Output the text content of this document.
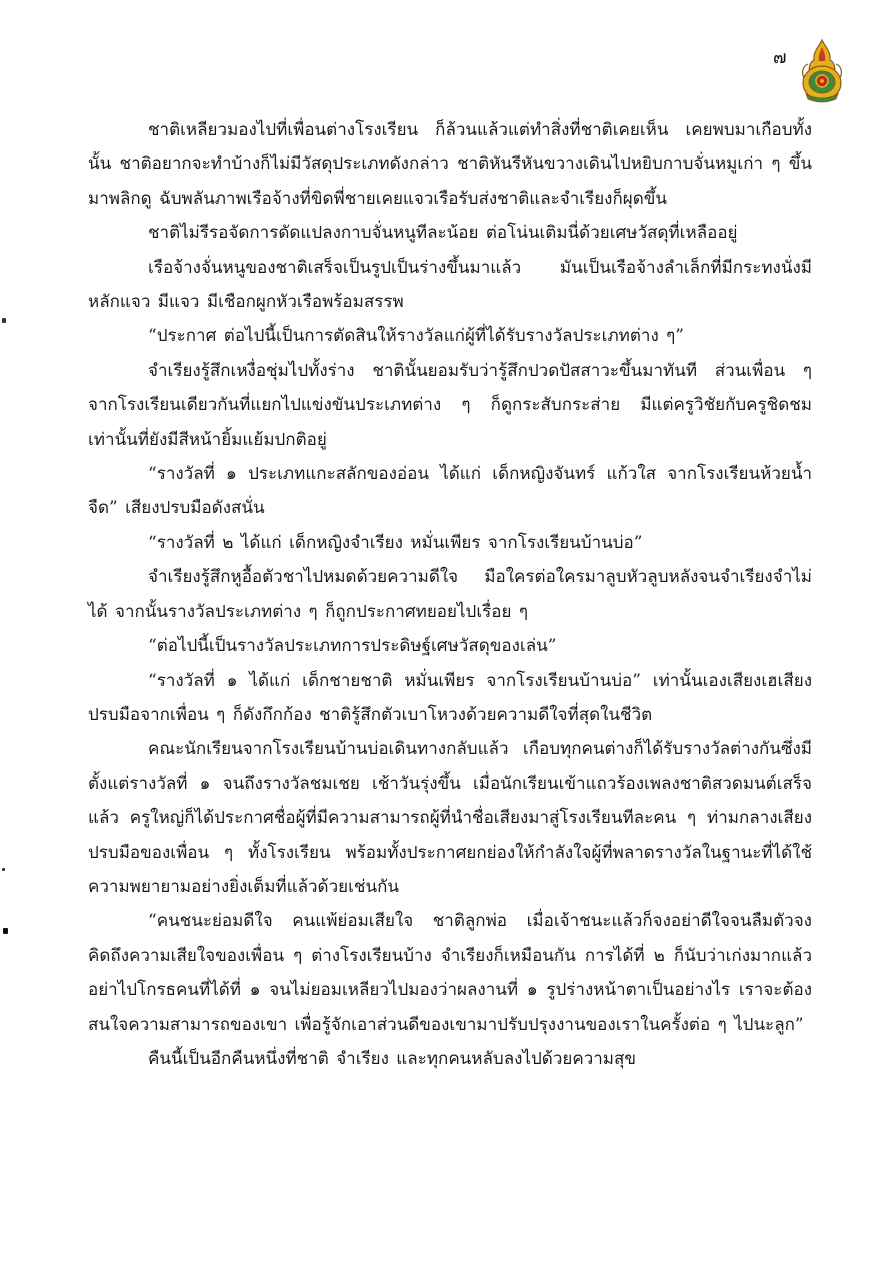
๗

ชาติเหลียวมองไปที่เพื่อนต่างโรงเรียน ก็ล้วนแล้วแต่ทำสิ่งที่ชาติเคยเห็น เคยพบมาเกือบทั้งนั้น ชาติอยากจะทำบ้างก็ไม่มีวัสดุประเภทดังกล่าว ชาติหันรีหันขวางเดินไปหยิบกาบจั่นหมูเก่า ๆ ขึ้นมาพลิกดู ฉับพลันภาพเรือจ้างที่ขิดพี่ชายเคยแจวเรือรับส่งชาติและจำเรียงก็ผุดขึ้น

ชาติไม่รีรอจัดการดัดแปลงกาบจั่นหนูทีละน้อย ต่อโน่นเติมนี่ด้วยเศษวัสดุที่เหลืออยู่

เรือจ้างจั่นหนูของชาติเสร็จเป็นรูปเป็นร่างขึ้นมาแล้ว มันเป็นเรือจ้างลำเล็กที่มีกระทงนั่งมีหลักแจว มีแจว มีเชือกผูกหัวเรือพร้อมสรรพ

“ประกาศ ต่อไปนี้เป็นการตัดสินให้รางวัลแก่ผู้ที่ได้รับรางวัลประเภทต่าง ๆ”

จำเรียงรู้สึกเหงื่อชุ่มไปทั้งร่าง ชาตินั้นยอมรับว่ารู้สึกปวดปัสสาวะขึ้นมาทันที ส่วนเพื่อน ๆ จากโรงเรียนเดียวกันที่แยกไปแข่งขันประเภทต่าง ๆ ก็ดูกระสับกระส่าย มีแต่ครูวิชัยกับครูชิดชมเท่านั้นที่ยังมีสีหน้ายิ้มแย้มปกติอยู่

“รางวัลที่ ๑ ประเภทแกะสลักของอ่อน ได้แก่ เด็กหญิงจันทร์ แก้วใส จากโรงเรียนห้วยน้ำจืด” เสียงปรบมือดังสนั่น

“รางวัลที่ ๒ ได้แก่ เด็กหญิงจำเรียง หมั่นเพียร จากโรงเรียนบ้านบ่อ”

จำเรียงรู้สึกหูอื้อตัวชาไปหมดด้วยความดีใจ มือใครต่อใครมาลูบหัวลูบหลังจนจำเรียงจำไม่ได้ จากนั้นรางวัลประเภทต่าง ๆ ก็ถูกประกาศทยอยไปเรื่อย ๆ

“ต่อไปนี้เป็นรางวัลประเภทการประดิษฐ์เศษวัสดุของเล่น”

“รางวัลที่ ๑ ได้แก่ เด็กชายชาติ หมั่นเพียร จากโรงเรียนบ้านบ่อ” เท่านั้นเองเสียงเฮเสียงปรบมือจากเพื่อน ๆ ก็ดังกึกก้อง ชาติรู้สึกตัวเบาโหวงด้วยความดีใจที่สุดในชีวิต

คณะนักเรียนจากโรงเรียนบ้านบ่อเดินทางกลับแล้ว เกือบทุกคนต่างก็ได้รับรางวัลต่างกันซึ่งมีตั้งแต่รางวัลที่ ๑ จนถึงรางวัลชมเชย เช้าวันรุ่งขึ้น เมื่อนักเรียนเข้าแถวร้องเพลงชาติสวดมนต์เสร็จแล้ว ครูใหญ่ก็ได้ประกาศชื่อผู้ที่มีความสามารถผู้ที่นำชื่อเสียงมาสู่โรงเรียนทีละคน ๆ ท่ามกลางเสียงปรบมือของเพื่อน ๆ ทั้งโรงเรียน พร้อมทั้งประกาศยกย่องให้กำลังใจผู้ที่พลาดรางวัลในฐานะที่ได้ใช้ความพยายามอย่างยิ่งเต็มที่แล้วด้วยเช่นกัน

“คนชนะย่อมดีใจ คนแพ้ย่อมเสียใจ ชาติลูกพ่อ เมื่อเจ้าชนะแล้วก็จงอย่าดีใจจนลืมตัวจงคิดถึงความเสียใจของเพื่อน ๆ ต่างโรงเรียนบ้าง จำเรียงก็เหมือนกัน การได้ที่ ๒ ก็นับว่าเก่งมากแล้ว อย่าไปโกรธคนที่ได้ที่ ๑ จนไม่ยอมเหลียวไปมองว่าผลงานที่ ๑ รูปร่างหน้าตาเป็นอย่างไร เราจะต้องสนใจความสามารถของเขา เพื่อรู้จักเอาส่วนดีของเขามาปรับปรุงงานของเราในครั้งต่อ ๆ ไปนะลูก”

คืนนี้เป็นอีกคืนหนึ่งที่ชาติ จำเรียง และทุกคนหลับลงไปด้วยความสุข
